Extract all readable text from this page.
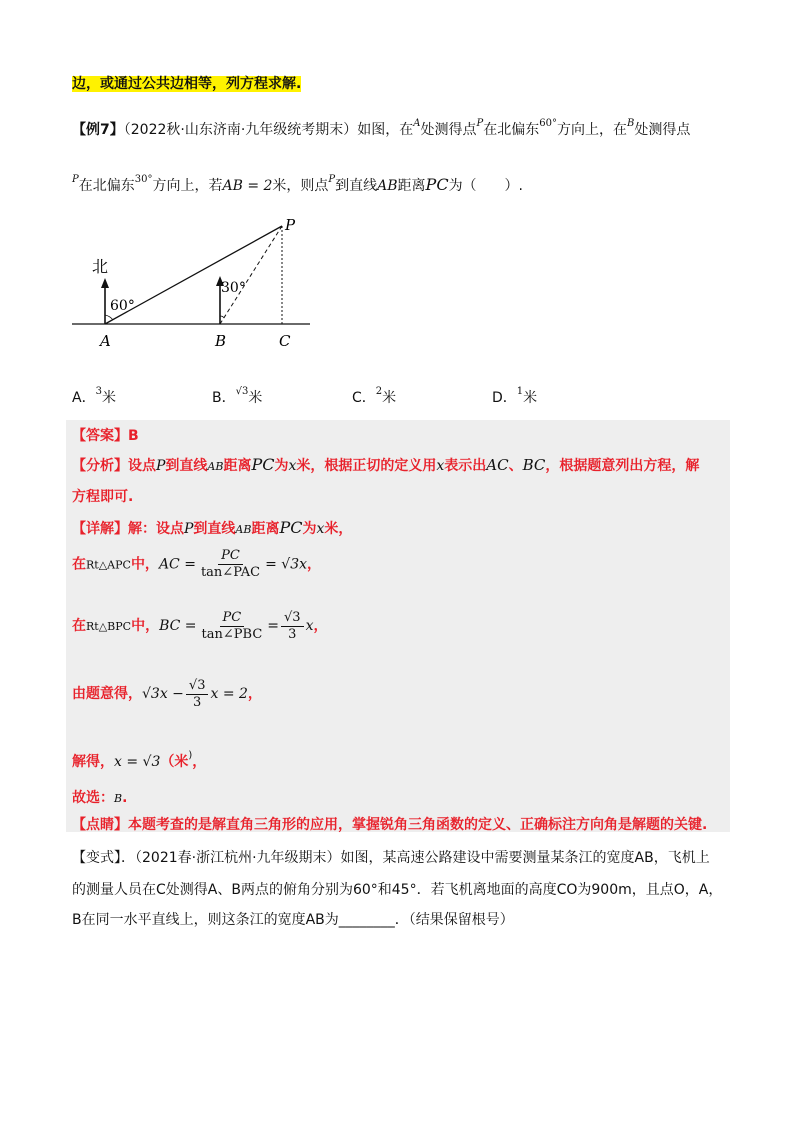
边，或通过公共边相等，列方程求解.
【例7】（2022秋·山东济南·九年级统考期末）如图，在$^A$处测得点$^P$在北偏东$^{60^\circ}$方向上，在$^B$处测得点
$^P$在北偏东$^{30^\circ}$方向上，若AB = 2米，则点$^P$到直线AB距离PC为（　　）.
北
60°
30°
A	B	C
P
A．$^3$米	B．$^{√3}$米	C．$^2$米	D．$^1$米
【答案】B
【分析】设点P到直线AB距离PC为x米，根据正切的定义用x表示出AC、BC，根据题意列出方程，解
方程即可.
【详解】解：设点P到直线AB距离PC为x米，
在Rt△APC中，AC = $\frac{PC}{\text{tan∠PAC}} = √3x$，
在Rt△BPC中，BC = $\frac{PC}{\text{tan∠PBC}} = \frac{√3}{3}$ x，
由题意得，$√3x - \frac{√3}{3}$ x = 2，
解得，x = √3（米)，
故选：B.
【点睛】本题考查的是解直角三角形的应用，掌握锐角三角函数的定义、正确标注方向角是解题的关键.
【变式】．（2021春·浙江杭州·九年级期末）如图，某高速公路建设中需要测量某条江的宽度AB，飞机上
的测量人员在C处测得A、B两点的俯角分别为60°和45°．若飞机离地面的高度CO为900m，且点O，A，
B在同一水平直线上，则这条江的宽度AB为________．（结果保留根号）
